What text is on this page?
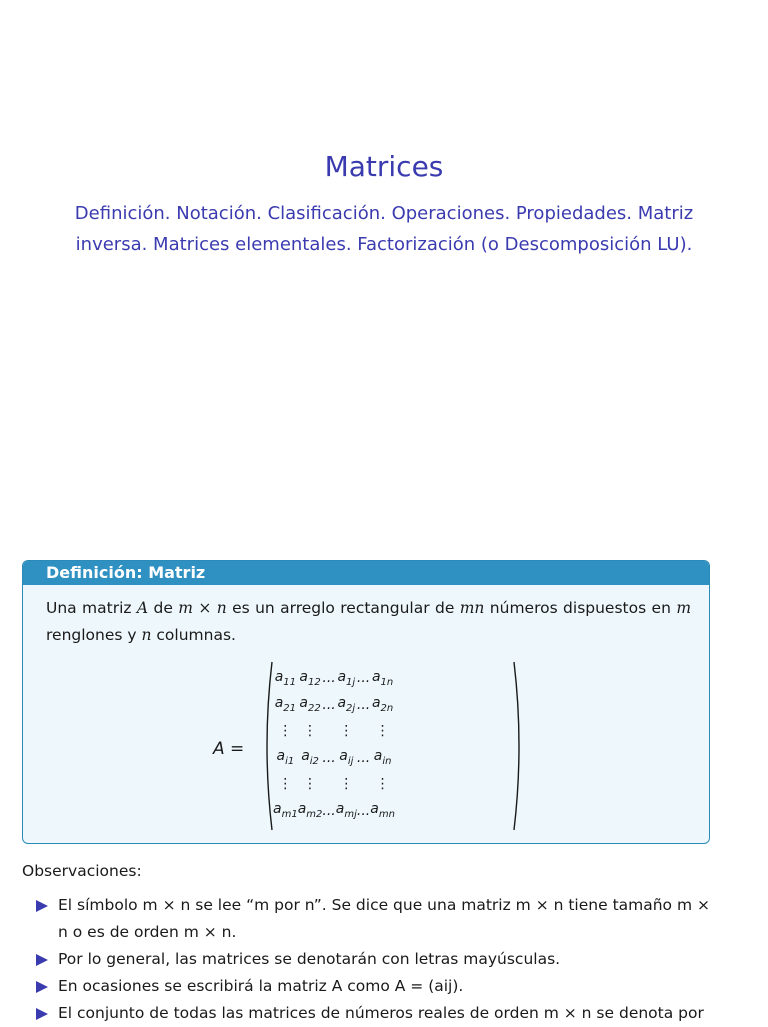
Matrices
Definición. Notación. Clasificación. Operaciones. Propiedades. Matriz inversa. Matrices elementales. Factorización (o Descomposición LU).
Definición: Matriz
Una matriz A de m × n es un arreglo rectangular de mn números dispuestos en m renglones y n columnas.
A =
$a_{11}$	$a_{12}$	...	$a_{1j}$	...	$a_{1n}$
$a_{21}$	$a_{22}$	...	$a_{2j}$	...	$a_{2n}$
⋮	⋮		⋮		⋮
$a_{i1}$	$a_{i2}$	...	$a_{ij}$	...	$a_{in}$
⋮	⋮		⋮		⋮
$a_{m1}$	$a_{m2}$	...	$a_{mj}$	...	$a_{mn}$
Observaciones:
El símbolo m × n se lee “m por n”. Se dice que una matriz m × n tiene tamaño m × n o es de orden m × n.
Por lo general, las matrices se denotarán con letras mayúsculas.
En ocasiones se escribirá la matriz A como A = (aij).
El conjunto de todas las matrices de números reales de orden m × n se denota por
